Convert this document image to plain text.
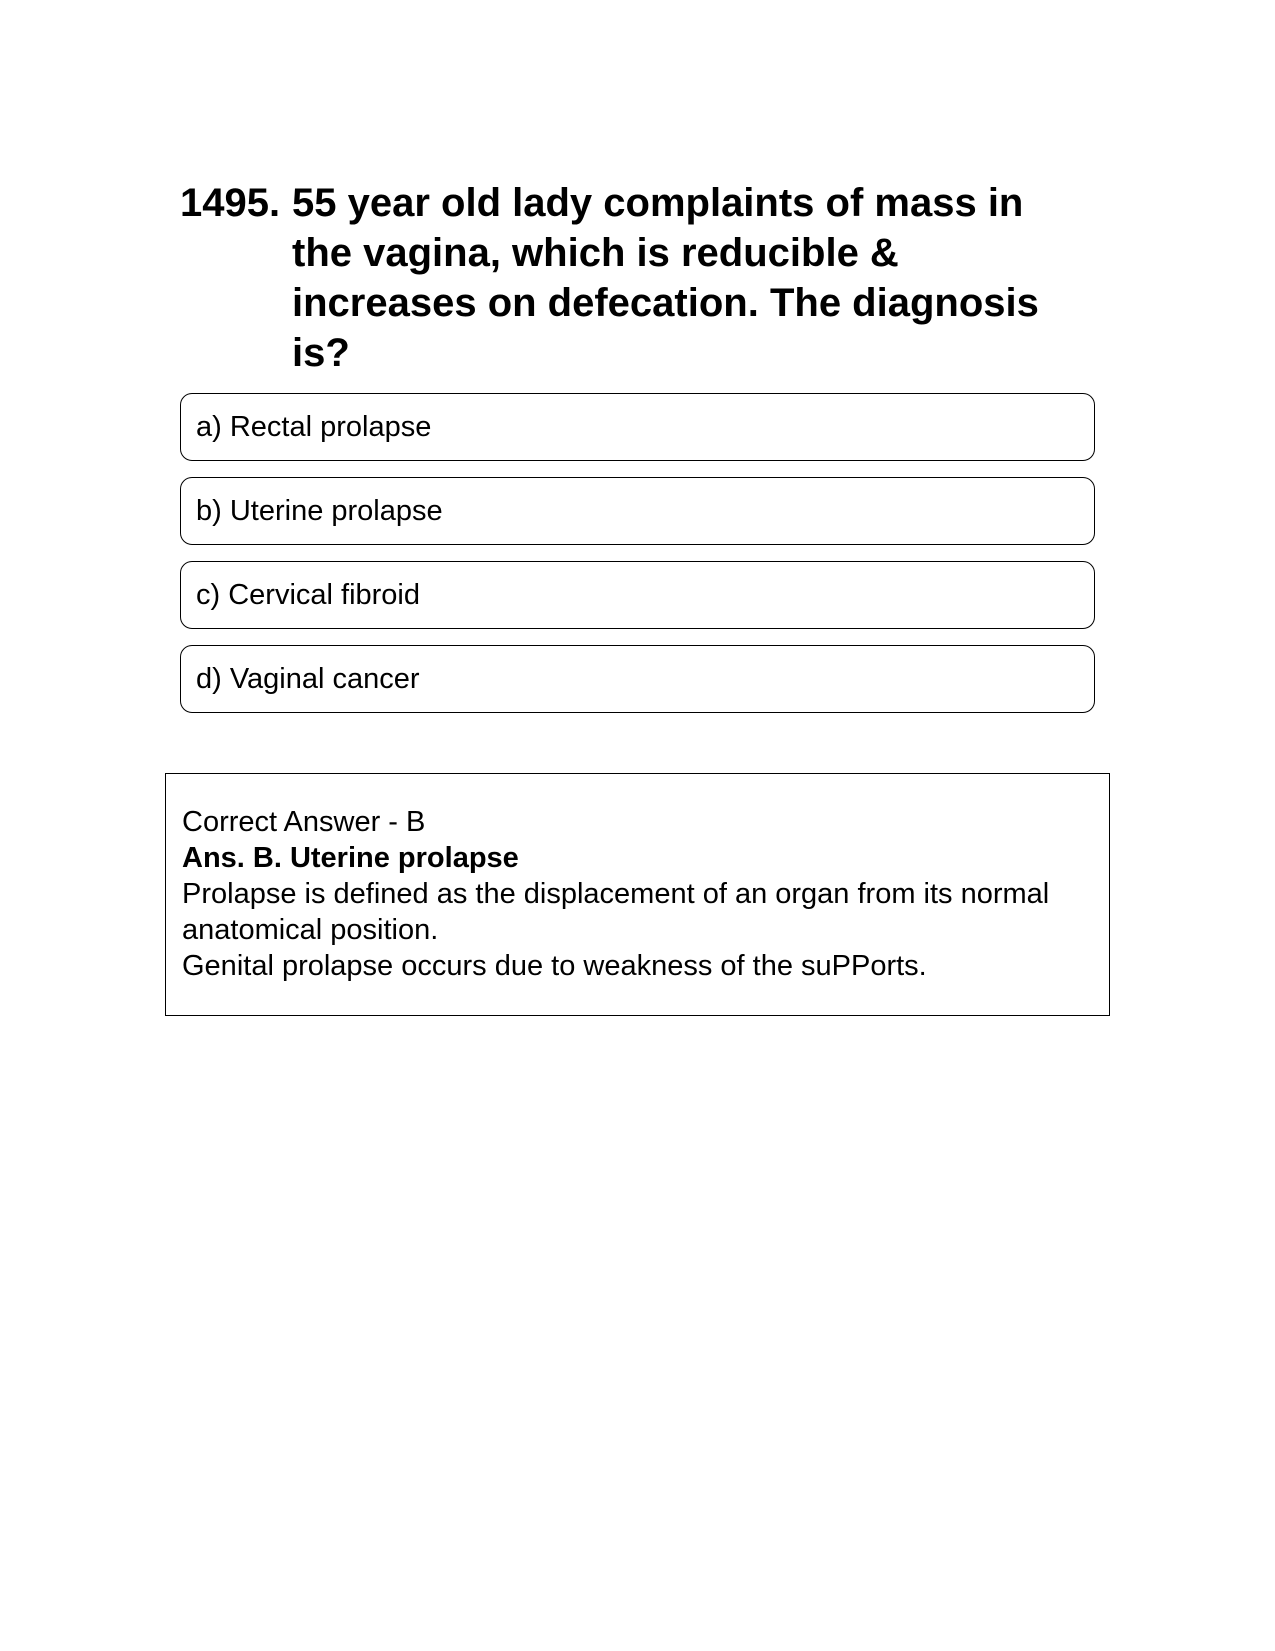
1495. 55 year old lady complaints of mass in the vagina, which is reducible & increases on defecation. The diagnosis is?
a) Rectal prolapse
b) Uterine prolapse
c) Cervical fibroid
d) Vaginal cancer

Correct Answer - B

Ans. B. Uterine prolapse

Prolapse is defined as the displacement of an organ from its normal anatomical position.

Genital prolapse occurs due to weakness of the suPPorts.
